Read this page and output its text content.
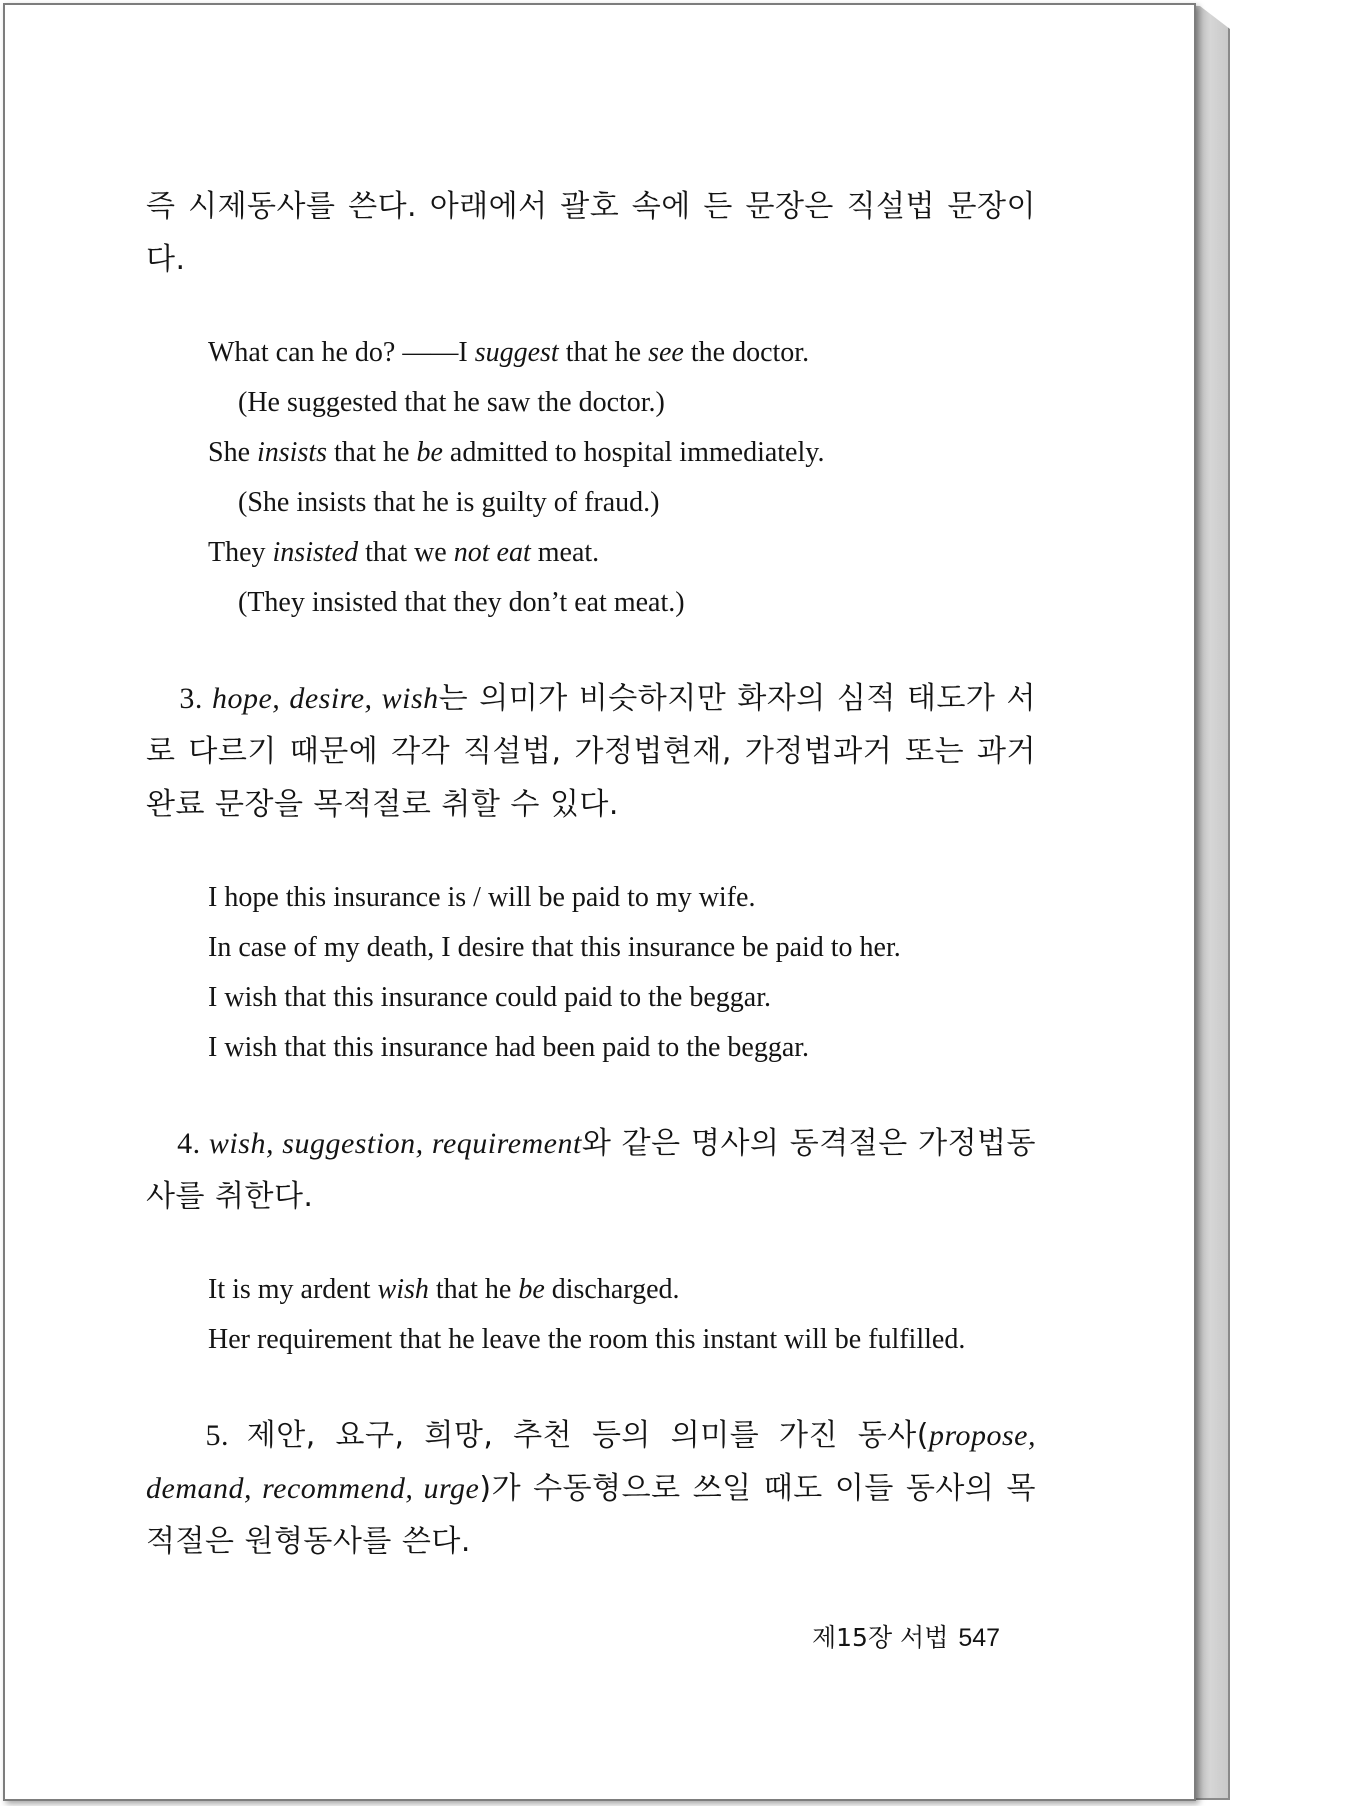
즉 시제동사를 쓴다. 아래에서 괄호 속에 든 문장은 직설법 문장이다.

What can he do? ——I suggest that he see the doctor.
(He suggested that he saw the doctor.)
She insists that he be admitted to hospital immediately.
(She insists that he is guilty of fraud.)
They insisted that we not eat meat.
(They insisted that they don’t eat meat.)

3. hope, desire, wish는 의미가 비슷하지만 화자의 심적 태도가 서로 다르기 때문에 각각 직설법, 가정법현재, 가정법과거 또는 과거완료 문장을 목적절로 취할 수 있다.

I hope this insurance is / will be paid to my wife.
In case of my death, I desire that this insurance be paid to her.
I wish that this insurance could paid to the beggar.
I wish that this insurance had been paid to the beggar.

4. wish, suggestion, requirement와 같은 명사의 동격절은 가정법동사를 취한다.

It is my ardent wish that he be discharged.
Her requirement that he leave the room this instant will be fulfilled.

5. 제안, 요구, 희망, 추천 등의 의미를 가진 동사(propose, demand, recommend, urge)가 수동형으로 쓰일 때도 이들 동사의 목적절은 원형동사를 쓴다.

제15장 서법 547
